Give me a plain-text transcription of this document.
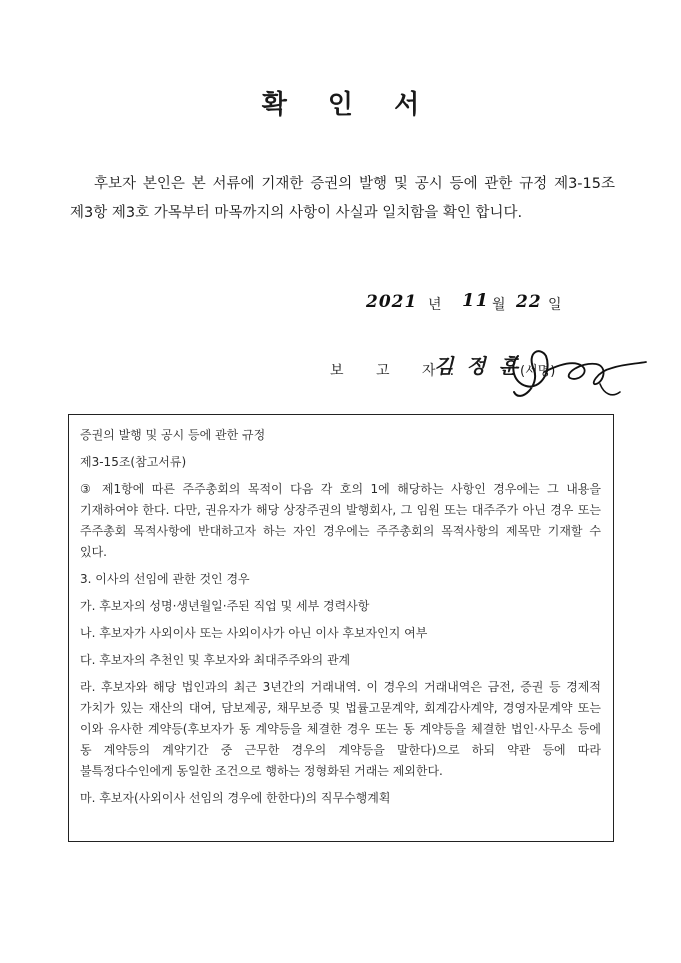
확 인 서
후보자 본인은 본 서류에 기재한 증권의 발행 및 공시 등에 관한 규정 제3-15조 제3항 제3호 가목부터 마목까지의 사항이 사실과 일치함을 확인 합니다.
2021 년 11 월 22 일
보 고 자:
김 정 훈 (서명)

증권의 발행 및 공시 등에 관한 규정

제3-15조(참고서류)

③ 제1항에 따른 주주총회의 목적이 다음 각 호의 1에 해당하는 사항인 경우에는 그 내용을 기재하여야 한다. 다만, 권유자가 해당 상장주권의 발행회사, 그 임원 또는 대주주가 아닌 경우 또는 주주총회 목적사항에 반대하고자 하는 자인 경우에는 주주총회의 목적사항의 제목만 기재할 수 있다.

3. 이사의 선임에 관한 것인 경우

가. 후보자의 성명·생년월일·주된 직업 및 세부 경력사항

나. 후보자가 사외이사 또는 사외이사가 아닌 이사 후보자인지 여부

다. 후보자의 추천인 및 후보자와 최대주주와의 관계

라. 후보자와 해당 법인과의 최근 3년간의 거래내역. 이 경우의 거래내역은 금전, 증권 등 경제적 가치가 있는 재산의 대여, 담보제공, 채무보증 및 법률고문계약, 회계감사계약, 경영자문계약 또는 이와 유사한 계약등(후보자가 동 계약등을 체결한 경우 또는 동 계약등을 체결한 법인·사무소 등에 동 계약등의 계약기간 중 근무한 경우의 계약등을 말한다)으로 하되 약관 등에 따라 불특정다수인에게 동일한 조건으로 행하는 정형화된 거래는 제외한다.

마. 후보자(사외이사 선임의 경우에 한한다)의 직무수행계획
